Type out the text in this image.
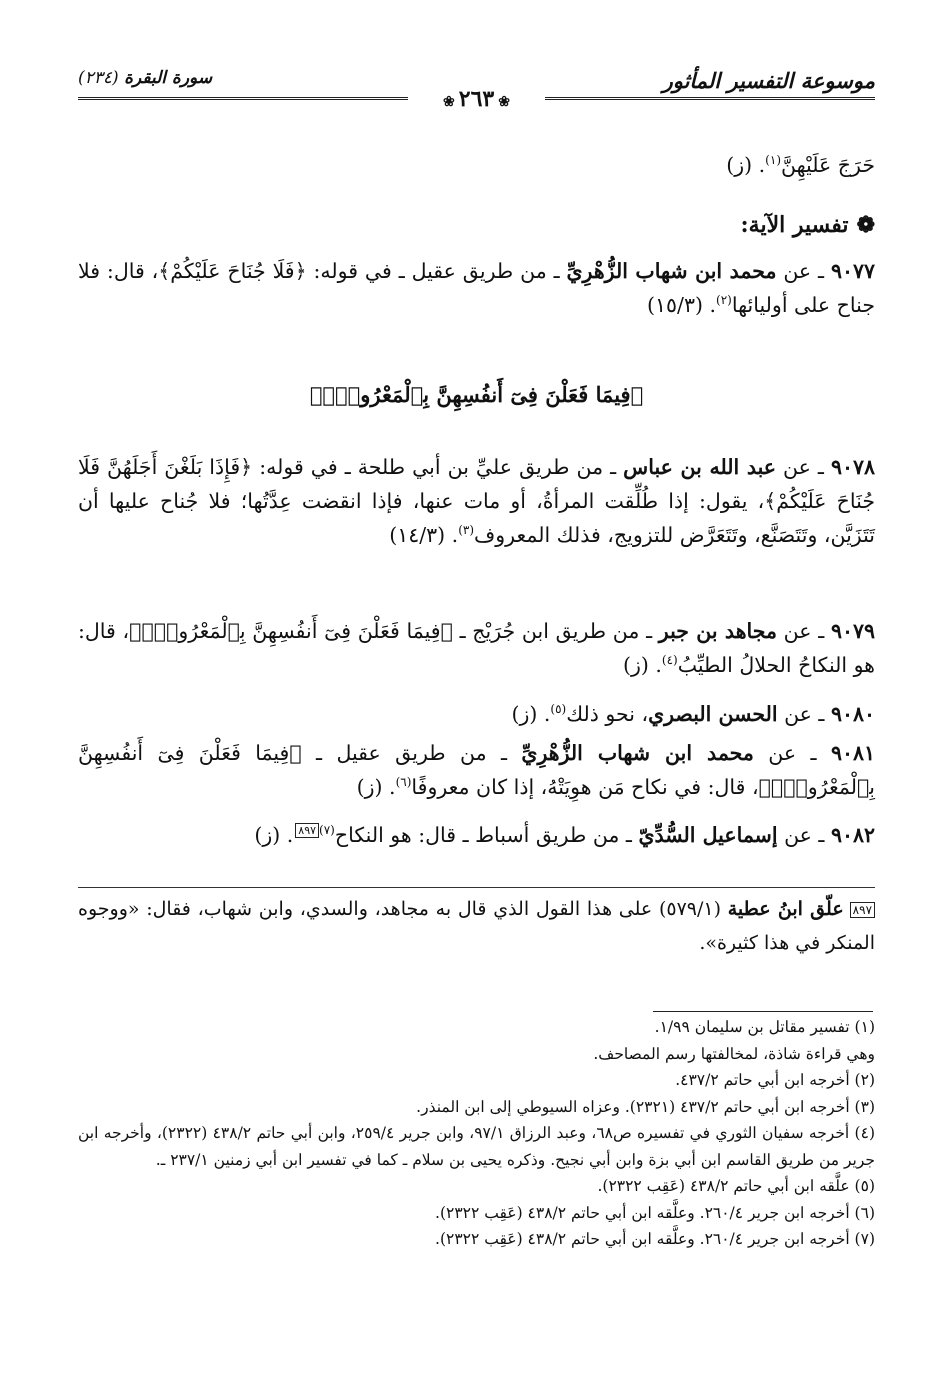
موسوعة التفسير المأثور
سورة البقرة (٢٣٤)
❀٢٦٣❀
حَرَجَ عَلَيْهِنَّ$^{(١)}$. (ز)
❁تفسير الآية:
٩٠٧٧ ـ عن محمد ابن شهاب الزُّهْرِيِّ ـ من طريق عقيل ـ في قوله: ﴿فَلَا جُنَاحَ عَلَيْكُمْ﴾، قال: فلا جناح على أوليائها$^{(٢)}$. (١٥/٣)
﴿فِيمَا فَعَلْنَ فِىٓ أَنفُسِهِنَّ بِٱلْمَعْرُوفِۗ﴾
٩٠٧٨ ـ عن عبد الله بن عباس ـ من طريق عليِّ بن أبي طلحة ـ في قوله: ﴿فَإِذَا بَلَغْنَ أَجَلَهُنَّ فَلَا جُنَاحَ عَلَيْكُمْ﴾، يقول: إذا طُلِّقت المرأةُ، أو مات عنها، فإذا انقضت عِدَّتُها؛ فلا جُناح عليها أن تَتَزَيَّن، وتَتَصَنَّع، وتَتَعَرَّض للتزويج، فذلك المعروف$^{(٣)}$. (١٤/٣)
٩٠٧٩ ـ عن مجاهد بن جبر ـ من طريق ابن جُرَيْج ـ ﴿فِيمَا فَعَلْنَ فِىٓ أَنفُسِهِنَّ بِٱلْمَعْرُوفِۗ﴾، قال: هو النكاحُ الحلالُ الطيِّبُ$^{(٤)}$. (ز)
٩٠٨٠ ـ عن الحسن البصري، نحو ذلك$^{(٥)}$. (ز)
٩٠٨١ ـ عن محمد ابن شهاب الزُّهْرِيِّ ـ من طريق عقيل ـ ﴿فِيمَا فَعَلْنَ فِىٓ أَنفُسِهِنَّ بِٱلْمَعْرُوفِۗ﴾، قال: في نكاح مَن هوِيَتْهُ، إذا كان معروفًا$^{(٦)}$. (ز)
٩٠٨٢ ـ عن إسماعيل السُّدِّيّ ـ من طريق أسباط ـ قال: هو النكاح$^{(٧)}$٨٩٧. (ز)
٨٩٧علّق ابنُ عطية (٥٧٩/١) على هذا القول الذي قال به مجاهد، والسدي، وابن شهاب، فقال: «ووجوه المنكر في هذا كثيرة».

(١) تفسير مقاتل بن سليمان ١/٩٩.

وهي قراءة شاذة، لمخالفتها رسم المصاحف.

(٢) أخرجه ابن أبي حاتم ٤٣٧/٢.

(٣) أخرجه ابن أبي حاتم ٤٣٧/٢ (٢٣٢١). وعزاه السيوطي إلى ابن المنذر.

(٤) أخرجه سفيان الثوري في تفسيره ص٦٨، وعبد الرزاق ٩٧/١، وابن جرير ٢٥٩/٤، وابن أبي حاتم ٤٣٨/٢ (٢٣٢٢)، وأخرجه ابن جرير من طريق القاسم ابن أبي بزة وابن أبي نجيح. وذكره يحيى بن سلام ـ كما في تفسير ابن أبي زمنين ٢٣٧/١ ـ.

(٥) علَّقه ابن أبي حاتم ٤٣٨/٢ (عَقِب ٢٣٢٢).

(٦) أخرجه ابن جرير ٢٦٠/٤. وعلَّقه ابن أبي حاتم ٤٣٨/٢ (عَقِب ٢٣٢٢).

(٧) أخرجه ابن جرير ٢٦٠/٤. وعلَّقه ابن أبي حاتم ٤٣٨/٢ (عَقِب ٢٣٢٢).
